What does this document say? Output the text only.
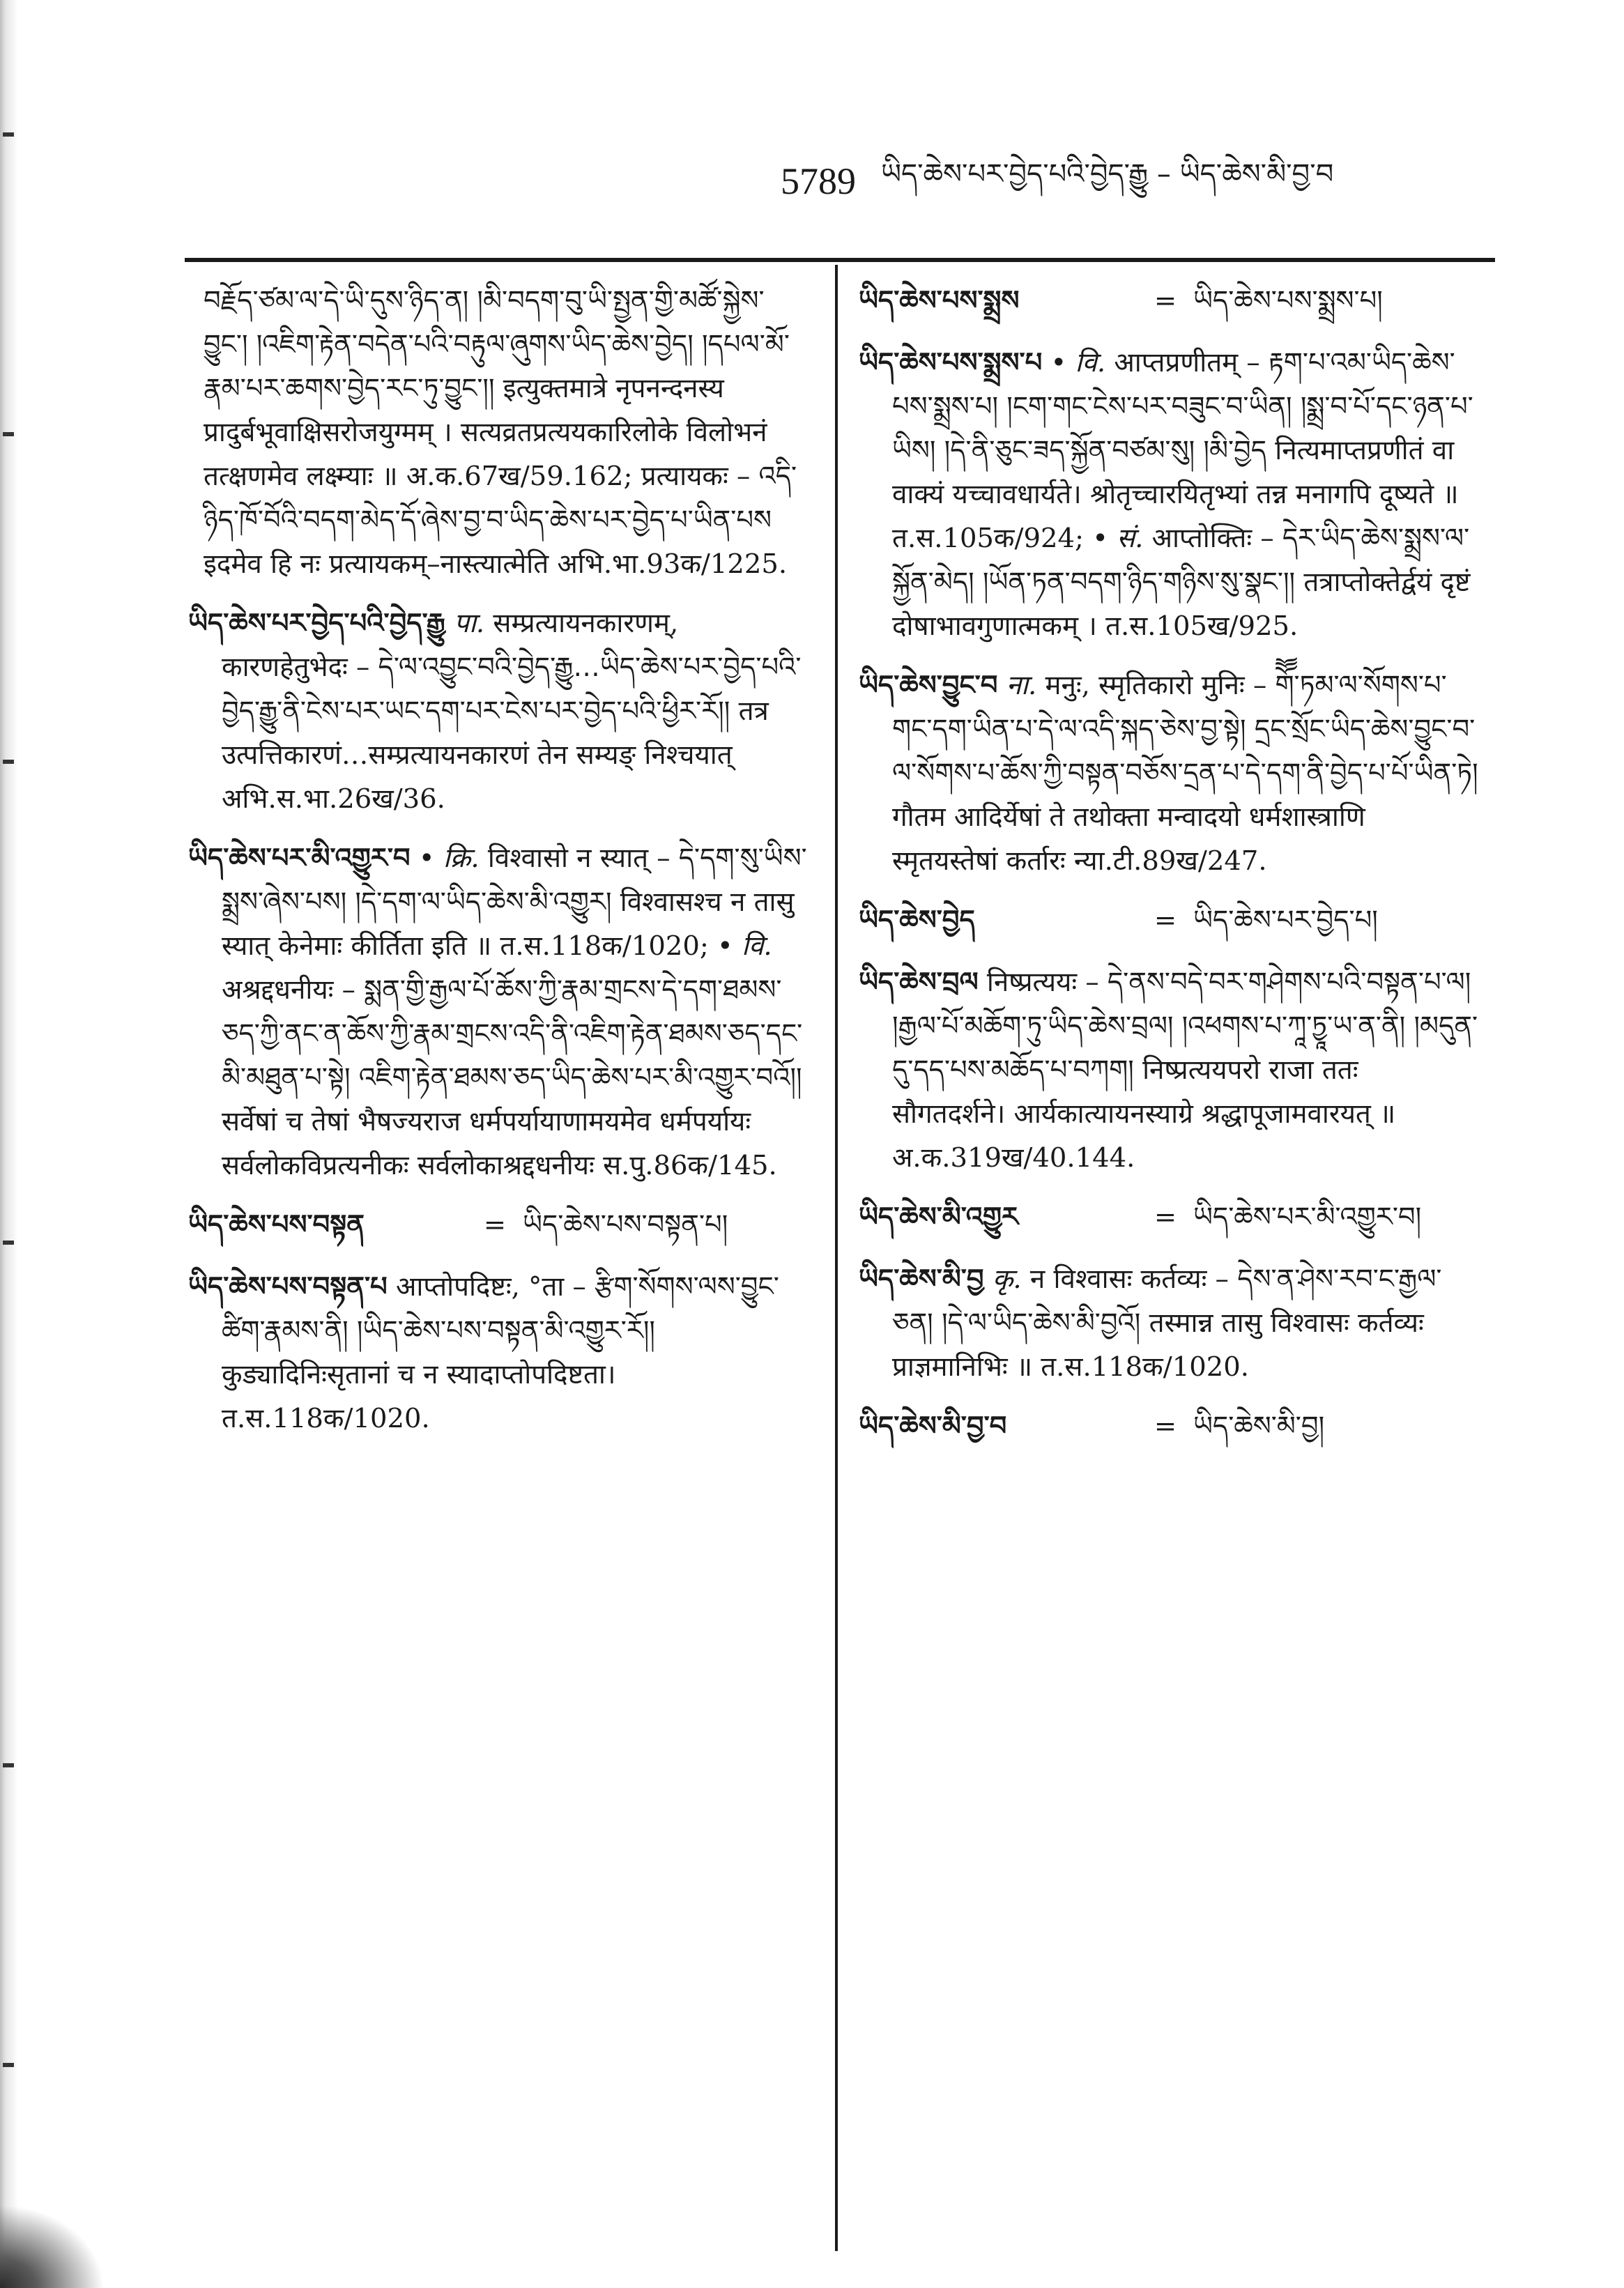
5789 ཡིད་ཆེས་པར་བྱེད་པའི་བྱེད་རྒྱུ – ཡིད་ཆེས་མི་བྱ་བ

བརྗོད་ཙམ་ལ་དེ་ཡི་དུས་ཉིད་ན། །མི་བདག་བུ་ཡི་སྤྱན་གྱི་མཚོ་སྐྱེས་བྱུང་། །འཇིག་རྟེན་བདེན་པའི་བརྟུལ་ཞུགས་ཡིད་ཆེས་བྱེད། །དཔལ་མོ་རྣམ་པར་ཆགས་བྱེད་རང་ཏུ་བྱུང་།། इत्युक्तमात्रे नृपनन्दनस्य प्रादुर्बभूवाक्षिसरोजयुग्मम् । सत्यव्रतप्रत्ययकारिलोके विलोभनं तत्क्षणमेव लक्ष्म्याः ॥ अ.क.67ख/59.162; प्रत्यायकः – འདི་ཉིད་ཁོ་བོའི་བདག་མེད་དོ་ཞེས་བྱ་བ་ཡིད་ཆེས་པར་བྱེད་པ་ཡིན་པས इदमेव हि नः प्रत्यायकम्–नास्त्यात्मेति अभि.भा.93क/1225.

ཡིད་ཆེས་པར་བྱེད་པའི་བྱེད་རྒྱུ पा. सम्प्रत्यायनकारणम्, कारणहेतुभेदः – དེ་ལ་འབྱུང་བའི་བྱེད་རྒྱུ…ཡིད་ཆེས་པར་བྱེད་པའི་བྱེད་རྒྱུ་ནི་ངེས་པར་ཡང་དག་པར་ངེས་པར་བྱེད་པའི་ཕྱིར་རོ།། तत्र उत्पत्तिकारणं…सम्प्रत्यायनकारणं तेन सम्यङ् निश्चयात् अभि.स.भा.26ख/36.

ཡིད་ཆེས་པར་མི་འགྱུར་བ • क्रि. विश्वासो न स्यात् – དེ་དག་སུ་ཡིས་སྨྲས་ཞེས་པས། །དེ་དག་ལ་ཡིད་ཆེས་མི་འགྱུར། विश्वासश्च न तासु स्यात् केनेमाः कीर्तिता इति ॥ त.स.118क/1020; • वि. अश्रद्दधनीयः – སྨན་གྱི་རྒྱལ་པོ་ཆོས་ཀྱི་རྣམ་གྲངས་དེ་དག་ཐམས་ཅད་ཀྱི་ནང་ན་ཆོས་ཀྱི་རྣམ་གྲངས་འདི་ནི་འཇིག་རྟེན་ཐམས་ཅད་དང་མི་མཐུན་པ་སྟེ། འཇིག་རྟེན་ཐམས་ཅད་ཡིད་ཆེས་པར་མི་འགྱུར་བའོ།། सर्वेषां च तेषां भैषज्यराज धर्मपर्यायाणामयमेव धर्मपर्यायः सर्वलोकविप्रत्यनीकः सर्वलोकाश्रद्दधनीयः स.पु.86क/145.

ཡིད་ཆེས་པས་བསྟན	= ཡིད་ཆེས་པས་བསྟན་པ།

ཡིད་ཆེས་པས་བསྟན་པ आप्तोपदिष्टः, °ता – རྩིག་སོགས་ལས་བྱུང་ཚིག་རྣམས་ནི། །ཡིད་ཆེས་པས་བསྟན་མི་འགྱུར་རོ།། कुड्यादिनिःसृतानां च न स्यादाप्तोपदिष्टता। त.स.118क/1020.

ཡིད་ཆེས་པས་སྨྲས	= ཡིད་ཆེས་པས་སྨྲས་པ།

ཡིད་ཆེས་པས་སྨྲས་པ • वि. आप्तप्रणीतम् – རྟག་པ་འམ་ཡིད་ཆེས་པས་སྨྲས་པ། །ངག་གང་ངེས་པར་བཟུང་བ་ཡིན། །སྨྲ་བ་པོ་དང་ཉན་པ་ཡིས། །དེ་ནི་ཅུང་ཟད་སྐྱོན་བཙམ་སུ། །མི་བྱེད नित्यमाप्तप्रणीतं वा वाक्यं यच्चावधार्यते। श्रोतृच्चारयितृभ्यां तन्न मनागपि दूष्यते ॥ त.स.105क/924; • सं. आप्तोक्तिः – དེར་ཡིད་ཆེས་སྨྲས་ལ་སྐྱོན་མེད། །ཡོན་ཏན་བདག་ཉིད་གཉིས་སུ་སྣང་།། तत्राप्तोक्तेर्द्वयं दृष्टं दोषाभावगुणात्मकम् । त.स.105ख/925.

ཡིད་ཆེས་བྱུང་བ ना. मनुः, स्मृतिकारो मुनिः – གོཽ་ཏམ་ལ་སོགས་པ་གང་དག་ཡིན་པ་དེ་ལ་འདི་སྐད་ཅེས་བྱ་སྟེ། དྲང་སྲོང་ཡིད་ཆེས་བྱུང་བ་ལ་སོགས་པ་ཆོས་ཀྱི་བསྟན་བཅོས་དྲན་པ་དེ་དག་ནི་བྱེད་པ་པོ་ཡིན་ཏེ། गौतम आदिर्येषां ते तथोक्ता मन्वादयो धर्मशास्त्राणि स्मृतयस्तेषां कर्तारः न्या.टी.89ख/247.

ཡིད་ཆེས་བྱེད	= ཡིད་ཆེས་པར་བྱེད་པ།

ཡིད་ཆེས་བྲལ निष्प्रत्ययः – དེ་ནས་བདེ་བར་གཤེགས་པའི་བསྟན་པ་ལ། །རྒྱལ་པོ་མཆོག་ཏུ་ཡིད་ཆེས་བྲལ། །འཕགས་པ་ཀཱ་ཏྱཱ་ཡ་ན་ནི། །མདུན་དུ་དད་པས་མཆོད་པ་བཀག། निष्प्रत्ययपरो राजा ततः सौगतदर्शने। आर्यकात्यायनस्याग्रे श्रद्धापूजामवारयत् ॥ अ.क.319ख/40.144.

ཡིད་ཆེས་མི་འགྱུར	= ཡིད་ཆེས་པར་མི་འགྱུར་བ།

ཡིད་ཆེས་མི་བྱ कृ. न विश्वासः कर्तव्यः – དེས་ན་ཤེས་རབ་ང་རྒྱལ་ཅན། །དེ་ལ་ཡིད་ཆེས་མི་བྱའོ། तस्मान्न तासु विश्वासः कर्तव्यः प्राज्ञमानिभिः ॥ त.स.118क/1020.

ཡིད་ཆེས་མི་བྱ་བ	= ཡིད་ཆེས་མི་བྱ།
